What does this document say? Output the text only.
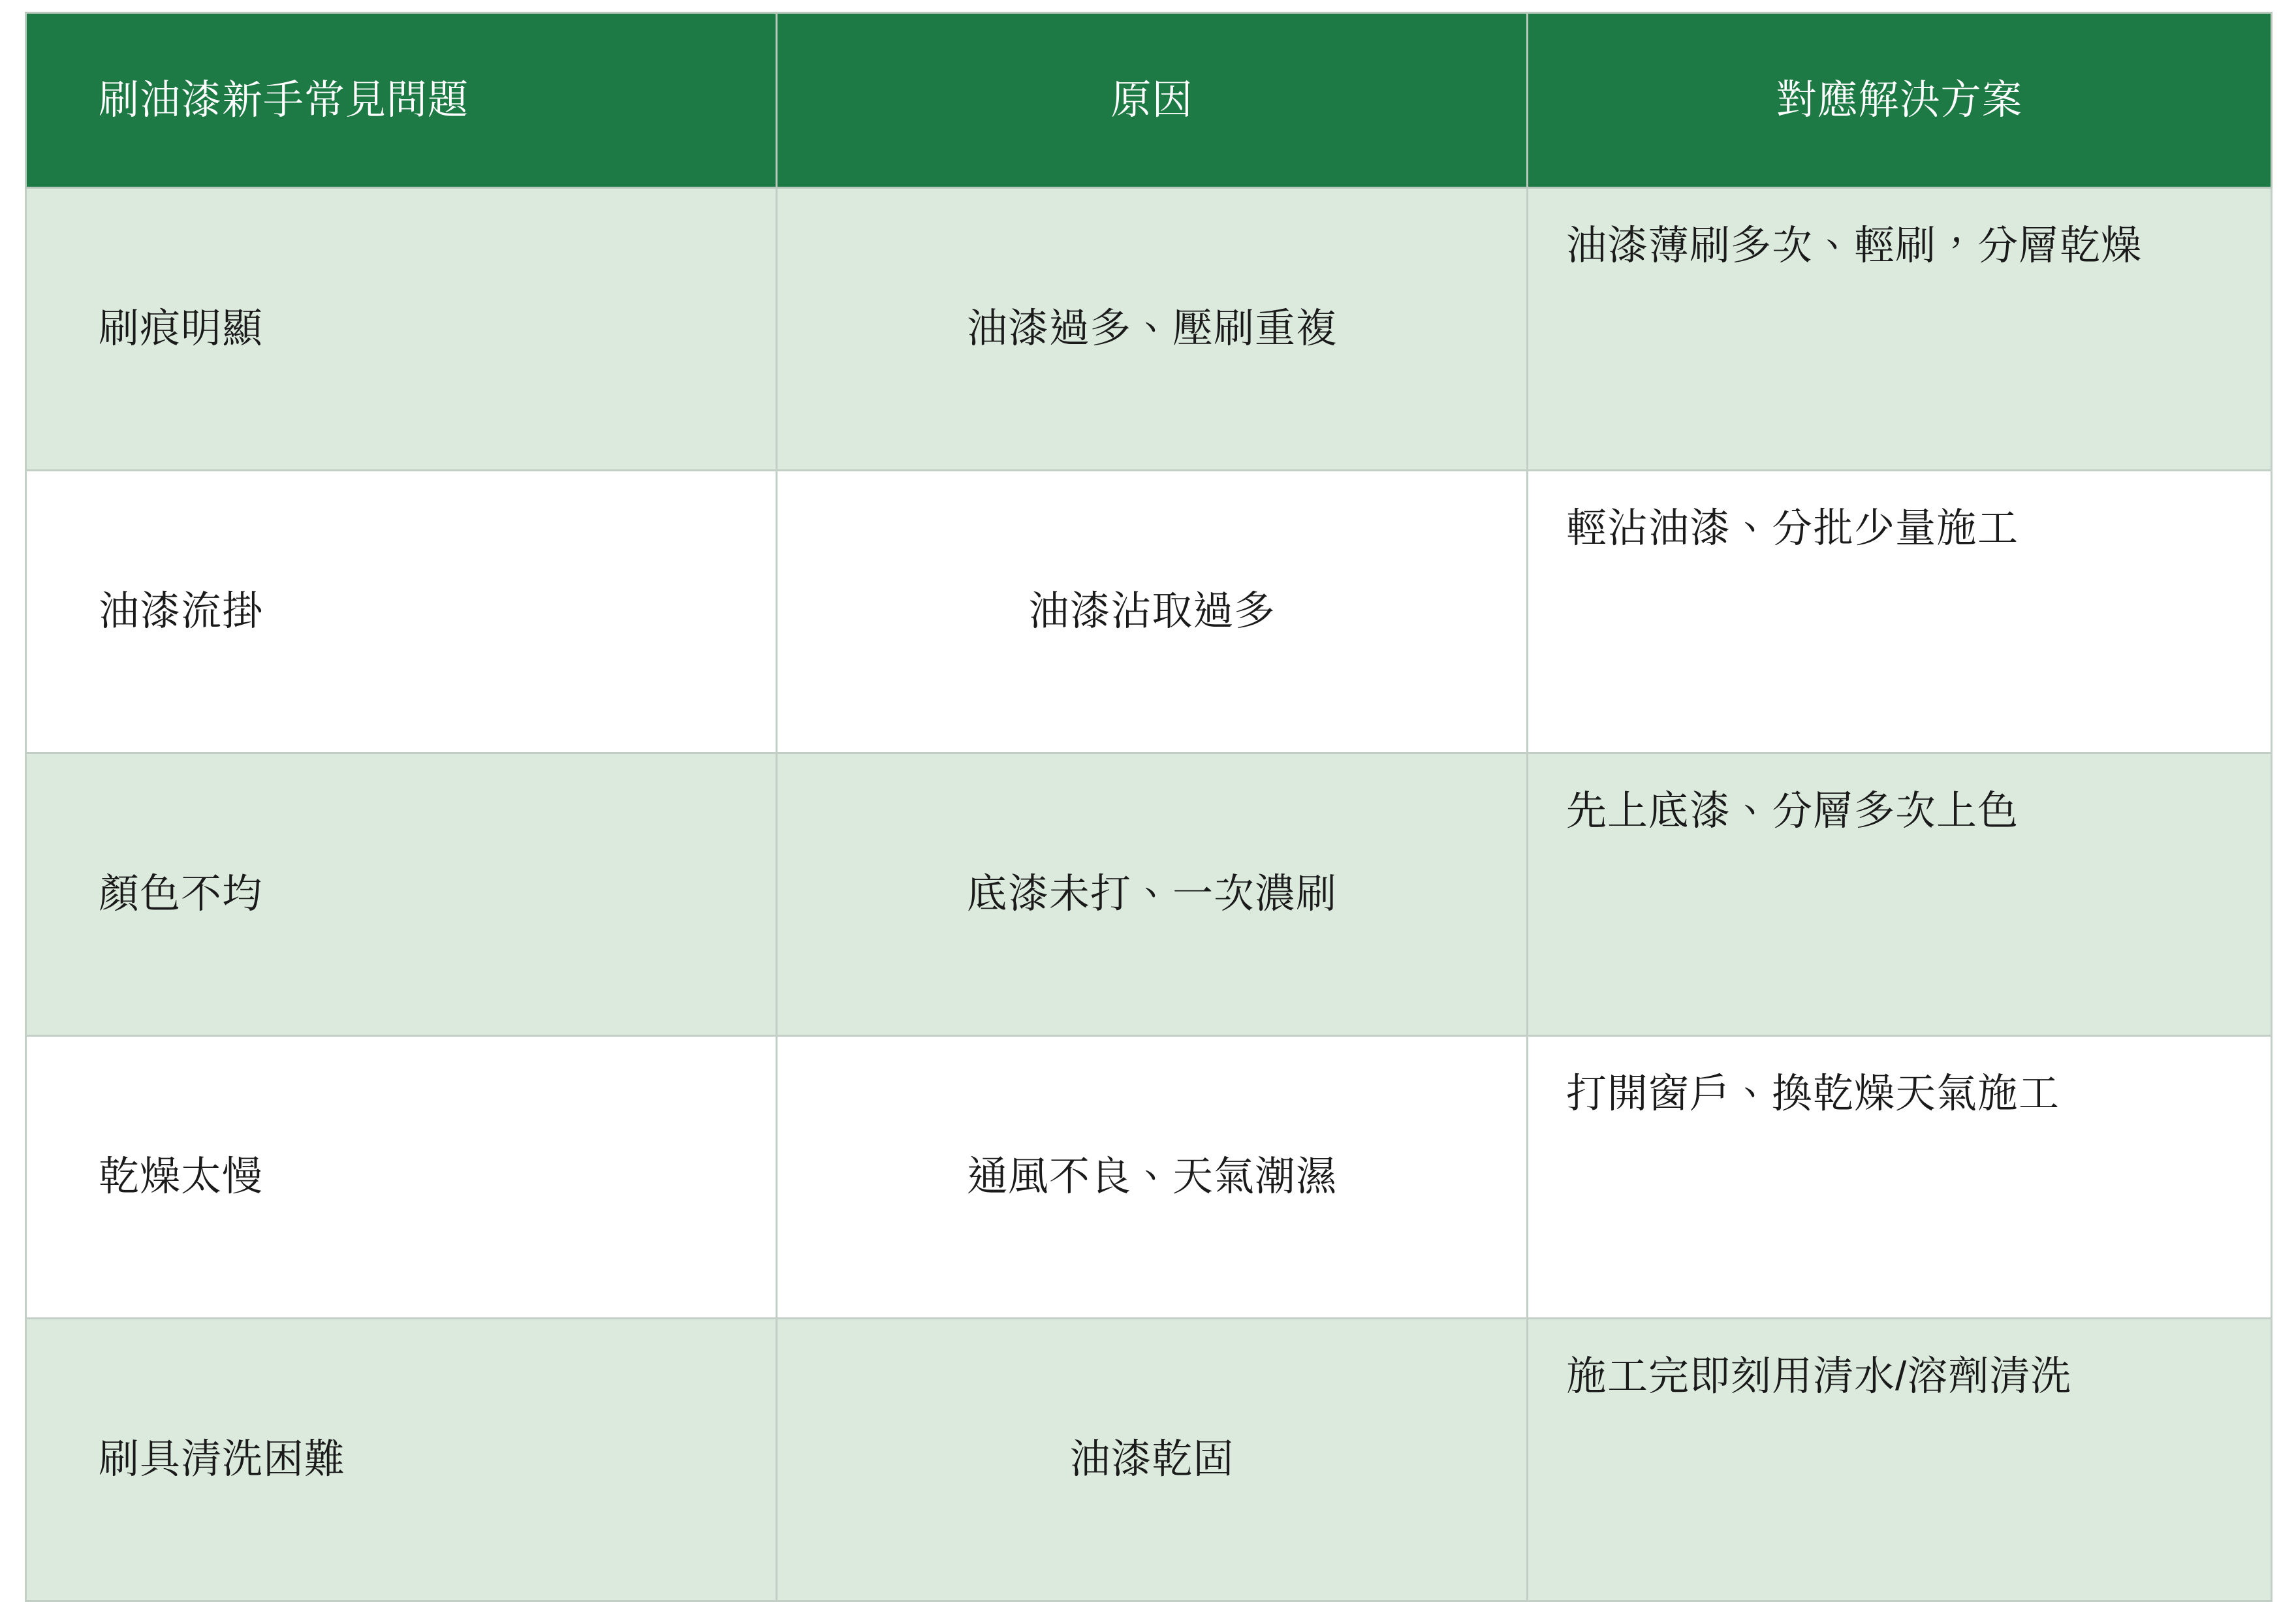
刷油漆新手常見問題	原因	對應解決方案
刷痕明顯	油漆過多、壓刷重複	油漆薄刷多次、輕刷，分層乾燥
油漆流掛	油漆沾取過多	輕沾油漆、分批少量施工
顏色不均	底漆未打、一次濃刷	先上底漆、分層多次上色
乾燥太慢	通風不良、天氣潮濕	打開窗戶、換乾燥天氣施工
刷具清洗困難	油漆乾固	施工完即刻用清水/溶劑清洗
